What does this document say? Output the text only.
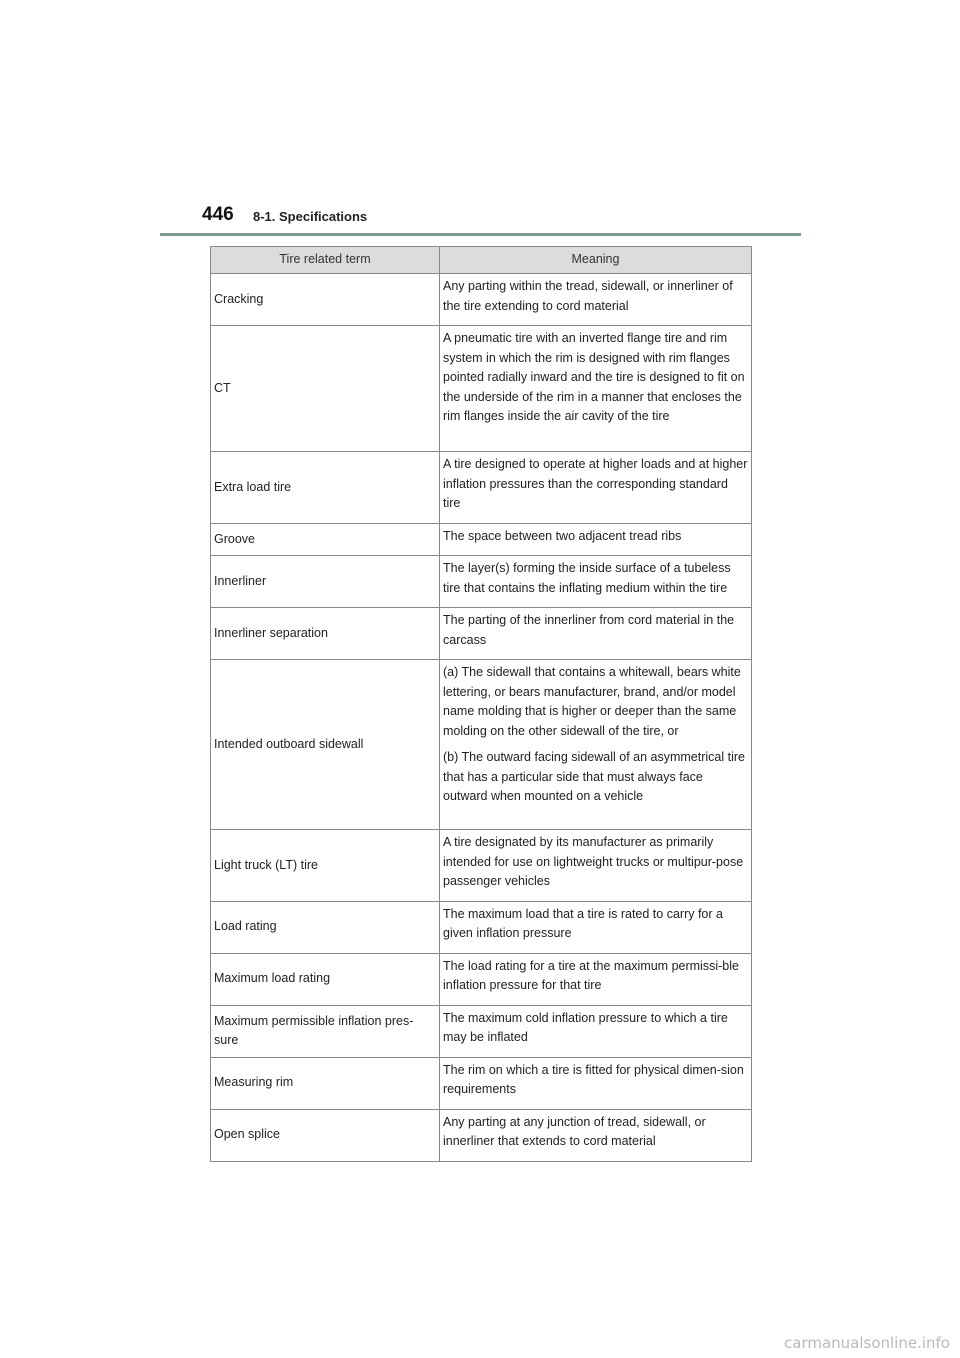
446 8-1. Specifications
Tire related term	Meaning
Cracking	Any parting within the tread, sidewall, or innerliner of the tire extending to cord material

CT	A pneumatic tire with an inverted flange tire and rim system in which the rim is designed with rim flanges pointed radially inward and the tire is designed to fit on the underside of the rim in a manner that encloses the rim flanges inside the air cavity of the tire

Extra load tire	A tire designed to operate at higher loads and at higher inflation pressures than the corresponding standard tire

Groove	The space between two adjacent tread ribs

Innerliner	The layer(s) forming the inside surface of a tubeless tire that contains the inflating medium within the tire

Innerliner separation	The parting of the innerliner from cord material in the carcass

Intended outboard sidewall	(a) The sidewall that contains a whitewall, bears white lettering, or bears manufacturer, brand, and/or model name molding that is higher or deeper than the same molding on the other sidewall of the tire, or

(b) The outward facing sidewall of an asymmetrical tire that has a particular side that must always face outward when mounted on a vehicle

Light truck (LT) tire	A tire designated by its manufacturer as primarily intended for use on lightweight trucks or multipur-pose passenger vehicles

Load rating	The maximum load that a tire is rated to carry for a given inflation pressure

Maximum load rating	The load rating for a tire at the maximum permissi-ble inflation pressure for that tire

Maximum permissible inflation pres-sure	The maximum cold inflation pressure to which a tire may be inflated

Measuring rim	The rim on which a tire is fitted for physical dimen-sion requirements

Open splice	Any parting at any junction of tread, sidewall, or innerliner that extends to cord material

carmanualsonline.info
